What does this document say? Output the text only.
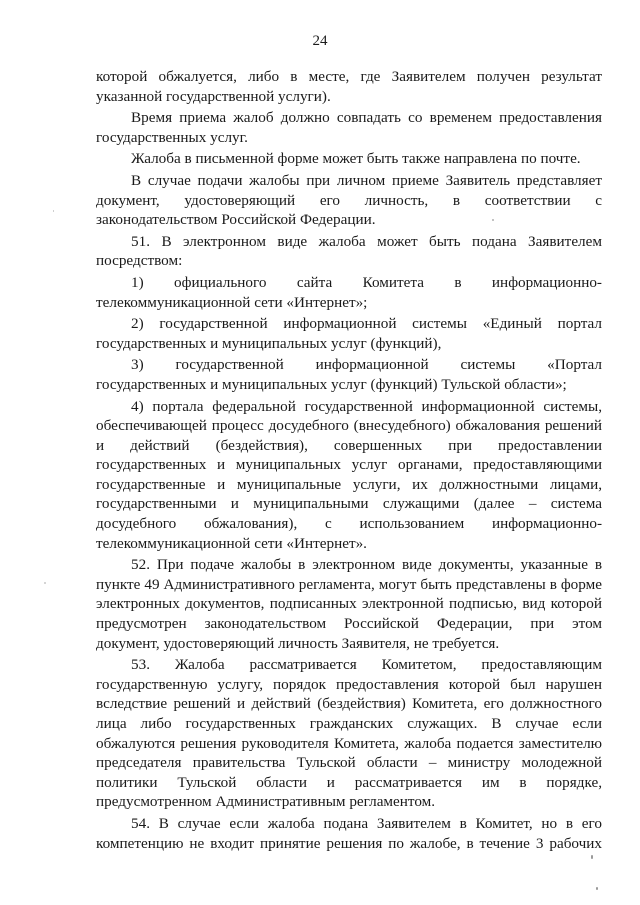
24
которой обжалуется, либо в месте, где Заявителем получен результат
указанной государственной услуги).
Время приема жалоб должно совпадать со временем предоставления
государственных услуг.
Жалоба в письменной форме может быть также направлена по почте.
В случае подачи жалобы при личном приеме Заявитель представляет
документ, удостоверяющий его личность, в соответствии с
законодательством Российской Федерации.
51. В электронном виде жалоба может быть подана Заявителем
посредством:
1) официального сайта Комитета в информационно-
телекоммуникационной сети «Интернет»;
2) государственной информационной системы «Единый портал
государственных и муниципальных услуг (функций),
3) государственной информационной системы «Портал
государственных и муниципальных услуг (функций) Тульской области»;
4) портала федеральной государственной информационной системы,
обеспечивающей процесс досудебного (внесудебного) обжалования решений
и действий (бездействия), совершенных при предоставлении
государственных и муниципальных услуг органами, предоставляющими
государственные и муниципальные услуги, их должностными лицами,
государственными и муниципальными служащими (далее – система
досудебного обжалования), с использованием информационно-
телекоммуникационной сети «Интернет».
52. При подаче жалобы в электронном виде документы, указанные в
пункте 49 Административного регламента, могут быть представлены в форме
электронных документов, подписанных электронной подписью, вид которой
предусмотрен законодательством Российской Федерации, при этом
документ, удостоверяющий личность Заявителя, не требуется.
53. Жалоба рассматривается Комитетом, предоставляющим
государственную услугу, порядок предоставления которой был нарушен
вследствие решений и действий (бездействия) Комитета, его должностного
лица либо государственных гражданских служащих. В случае если
обжалуются решения руководителя Комитета, жалоба подается заместителю
председателя правительства Тульской области – министру молодежной
политики Тульской области и рассматривается им в порядке,
предусмотренном Административным регламентом.
54. В случае если жалоба подана Заявителем в Комитет, но в его
компетенцию не входит принятие решения по жалобе, в течение 3 рабочих
